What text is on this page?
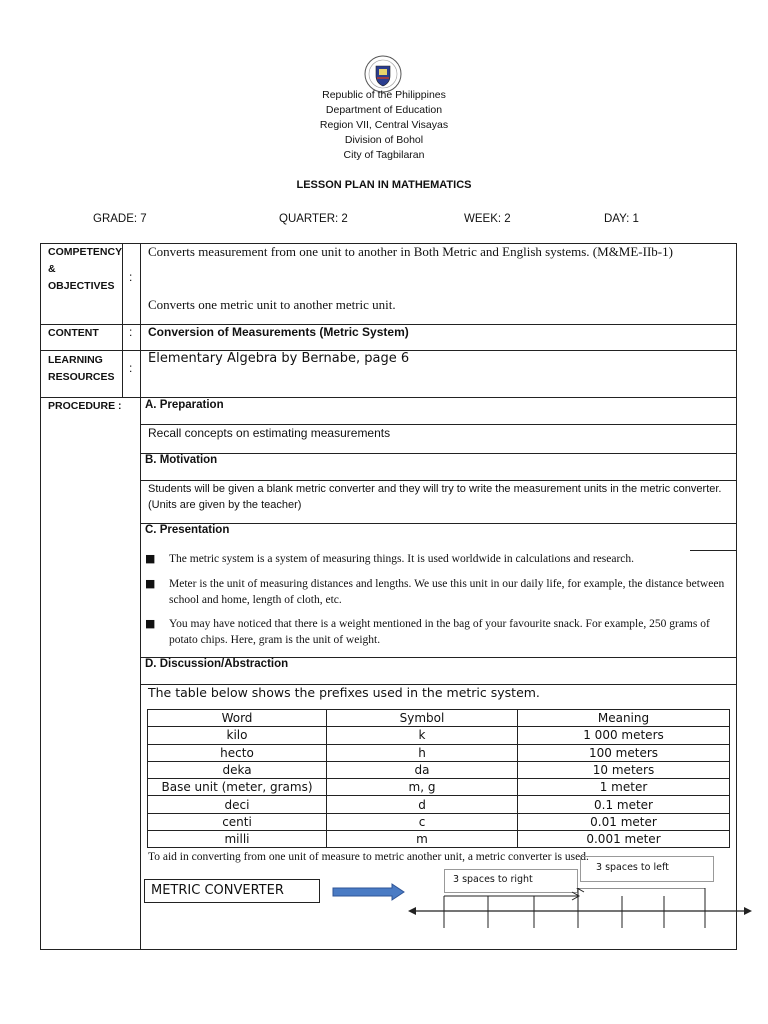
Republic of the Philippines
Department of Education
Region VII, Central Visayas
Division of Bohol
City of Tagbilaran
LESSON PLAN IN MATHEMATICS
GRADE: 7	QUARTER: 2	WEEK: 2	DAY: 1
COMPETENCY
&
OBJECTIVES
:
Converts measurement from one unit to another in Both Metric and English systems. (M&ME-IIb-1)
Converts one metric unit to another metric unit.
CONTENT	: Conversion of Measurements (Metric System)
LEARNING
RESOURCES
:
Elementary Algebra by Bernabe, page 6
PROCEDURE : A. Preparation
Recall concepts on estimating measurements
B. Motivation
Students will be given a blank metric converter and they will try to write the measurement units in the metric converter. (Units are given by the teacher)
C. Presentation
■ The metric system is a system of measuring things. It is used worldwide in calculations and research.
■ Meter is the unit of measuring distances and lengths. We use this unit in our daily life, for example, the distance between school and home, length of cloth, etc.
■ You may have noticed that there is a weight mentioned in the bag of your favourite snack. For example, 250 grams of potato chips. Here, gram is the unit of weight.
D. Discussion/Abstraction
The table below shows the prefixes used in the metric system.
Word	Symbol	Meaning
kilo	k	1 000 meters
hecto	h	100 meters
deka	da	10 meters
Base unit (meter, grams)	m, g	1 meter
deci	d	0.1 meter
centi	c	0.01 meter
milli	m	0.001 meter
To aid in converting from one unit of measure to metric another unit, a metric converter is used.
METRIC CONVERTER
3 spaces to right
3 spaces to left
